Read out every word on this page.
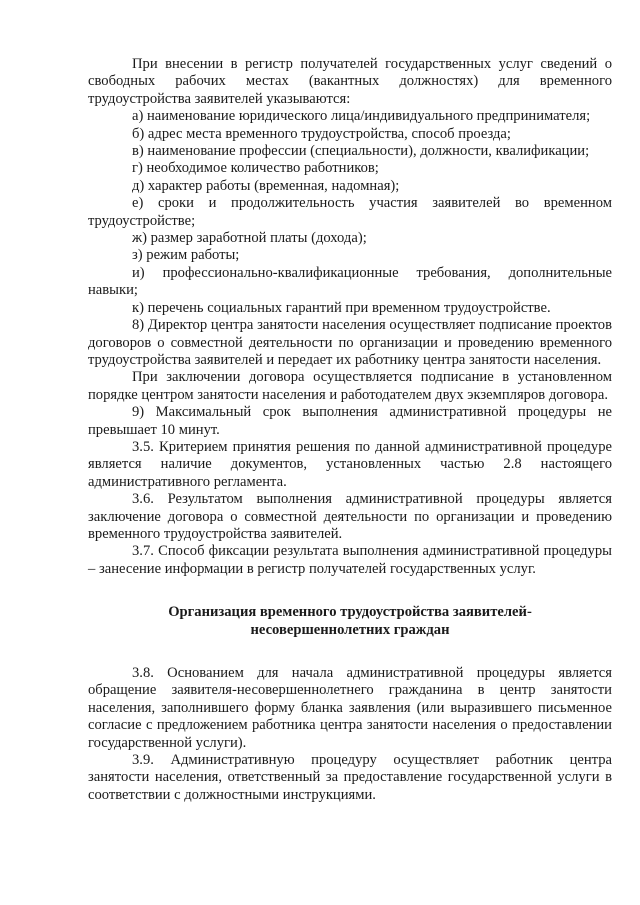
При внесении в регистр получателей государственных услуг сведений о свободных рабочих местах (вакантных должностях) для временного трудоустройства заявителей указываются:

а) наименование юридического лица/индивидуального предпринимателя;

б) адрес места временного трудоустройства, способ проезда;

в) наименование профессии (специальности), должности, квалификации;

г) необходимое количество работников;

д) характер работы (временная, надомная);

е) сроки и продолжительность участия заявителей во временном трудоустройстве;

ж) размер заработной платы (дохода);

з) режим работы;

и) профессионально-квалификационные требования, дополнительные навыки;

к) перечень социальных гарантий при временном трудоустройстве.

8) Директор центра занятости населения осуществляет подписание проектов договоров о совместной деятельности по организации и проведению временного трудоустройства заявителей и передает их работнику центра занятости населения.

При заключении договора осуществляется подписание в установленном порядке центром занятости населения и работодателем двух экземпляров договора.

9) Максимальный срок выполнения административной процедуры не превышает 10 минут.

3.5. Критерием принятия решения по данной административной процедуре является наличие документов, установленных частью 2.8 настоящего административного регламента.

3.6. Результатом выполнения административной процедуры является заключение договора о совместной деятельности по организации и проведению временного трудоустройства заявителей.

3.7. Способ фиксации результата выполнения административной процедуры – занесение информации в регистр получателей государственных услуг.

Организация временного трудоустройства заявителей-

несовершеннолетних граждан

3.8. Основанием для начала административной процедуры является обращение заявителя-несовершеннолетнего гражданина в центр занятости населения, заполнившего форму бланка заявления (или выразившего письменное согласие с предложением работника центра занятости населения о предоставлении государственной услуги).

3.9. Административную процедуру осуществляет работник центра занятости населения, ответственный за предоставление государственной услуги в соответствии с должностными инструкциями.
